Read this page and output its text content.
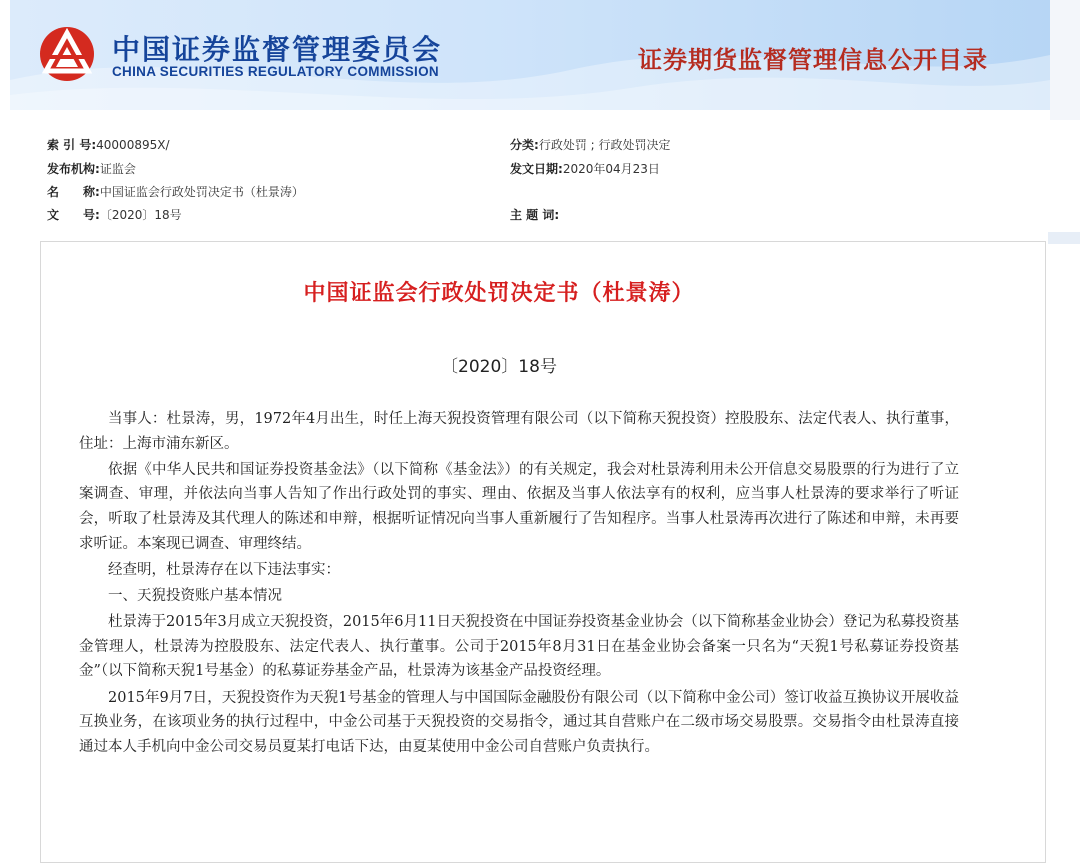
中国证券监督管理委员会
CHINA SECURITIES REGULATORY COMMISSION	证券期货监督管理信息公开目录
索 引 号:40000895X/	分类:行政处罚 ; 行政处罚决定
发布机构:证监会	发文日期:2020年04月23日
名　　称:中国证监会行政处罚决定书（杜景涛）
文　　号:〔2020〕18号	主 题 词:
中国证监会行政处罚决定书（杜景涛）
〔2020〕18号

当事人：杜景涛，男，1972年4月出生，时任上海天猊投资管理有限公司（以下简称天猊投资）控股股东、法定代表人、执行董事，住址：上海市浦东新区。

依据《中华人民共和国证券投资基金法》（以下简称《基金法》）的有关规定，我会对杜景涛利用未公开信息交易股票的行为进行了立案调查、审理，并依法向当事人告知了作出行政处罚的事实、理由、依据及当事人依法享有的权利，应当事人杜景涛的要求举行了听证会，听取了杜景涛及其代理人的陈述和申辩，根据听证情况向当事人重新履行了告知程序。当事人杜景涛再次进行了陈述和申辩，未再要求听证。本案现已调查、审理终结。

经查明，杜景涛存在以下违法事实：

一、天猊投资账户基本情况

杜景涛于2015年3月成立天猊投资，2015年6月11日天猊投资在中国证券投资基金业协会（以下简称基金业协会）登记为私募投资基金管理人，杜景涛为控股股东、法定代表人、执行董事。公司于2015年8月31日在基金业协会备案一只名为“天猊1号私募证券投资基金”（以下简称天猊1号基金）的私募证券基金产品，杜景涛为该基金产品投资经理。

2015年9月7日，天猊投资作为天猊1号基金的管理人与中国国际金融股份有限公司（以下简称中金公司）签订收益互换协议开展收益互换业务，在该项业务的执行过程中，中金公司基于天猊投资的交易指令，通过其自营账户在二级市场交易股票。交易指令由杜景涛直接通过本人手机向中金公司交易员夏某打电话下达，由夏某使用中金公司自营账户负责执行。
